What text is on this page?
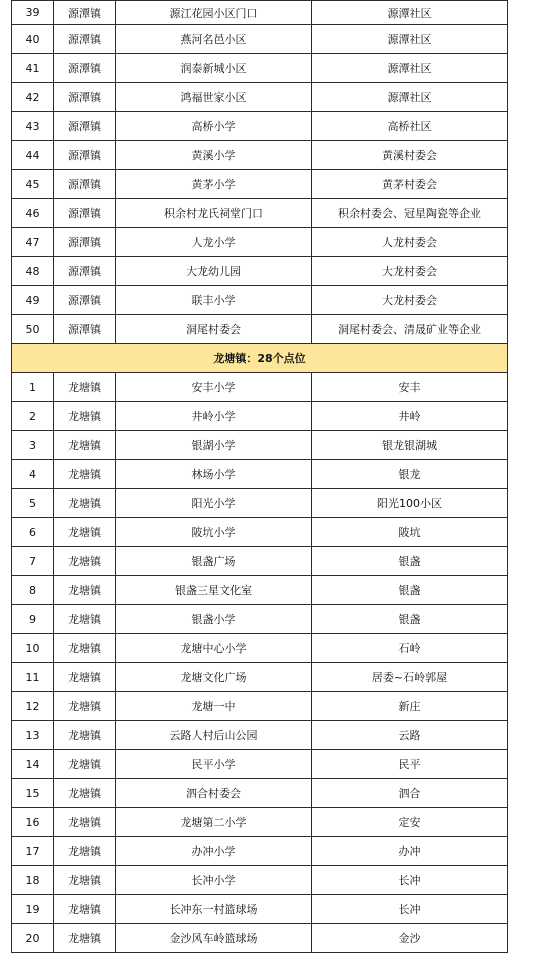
39	源潭镇	源江花园小区门口	源潭社区
40	源潭镇	燕河名邑小区	源潭社区
41	源潭镇	润泰新城小区	源潭社区
42	源潭镇	鸿福世家小区	源潭社区
43	源潭镇	高桥小学	高桥社区
44	源潭镇	黄溪小学	黄溪村委会
45	源潭镇	黄茅小学	黄茅村委会
46	源潭镇	积余村龙氏祠堂门口	积余村委会、冠星陶瓷等企业
47	源潭镇	人龙小学	人龙村委会
48	源潭镇	大龙幼儿园	大龙村委会
49	源潭镇	联丰小学	大龙村委会
50	源潭镇	洞尾村委会	洞尾村委会、清晟矿业等企业
龙塘镇：28个点位			
1	龙塘镇	安丰小学	安丰
2	龙塘镇	井岭小学	井岭
3	龙塘镇	银湖小学	银龙银湖城
4	龙塘镇	林场小学	银龙
5	龙塘镇	阳光小学	阳光100小区
6	龙塘镇	陂坑小学	陂坑
7	龙塘镇	银盏广场	银盏
8	龙塘镇	银盏三星文化室	银盏
9	龙塘镇	银盏小学	银盏
10	龙塘镇	龙塘中心小学	石岭
11	龙塘镇	龙塘文化广场	居委~石岭郭屋
12	龙塘镇	龙塘一中	新庄
13	龙塘镇	云路人村后山公园	云路
14	龙塘镇	民平小学	民平
15	龙塘镇	泗合村委会	泗合
16	龙塘镇	龙塘第二小学	定安
17	龙塘镇	办冲小学	办冲
18	龙塘镇	长冲小学	长冲
19	龙塘镇	长冲东一村篮球场	长冲
20	龙塘镇	金沙风车岭篮球场	金沙
